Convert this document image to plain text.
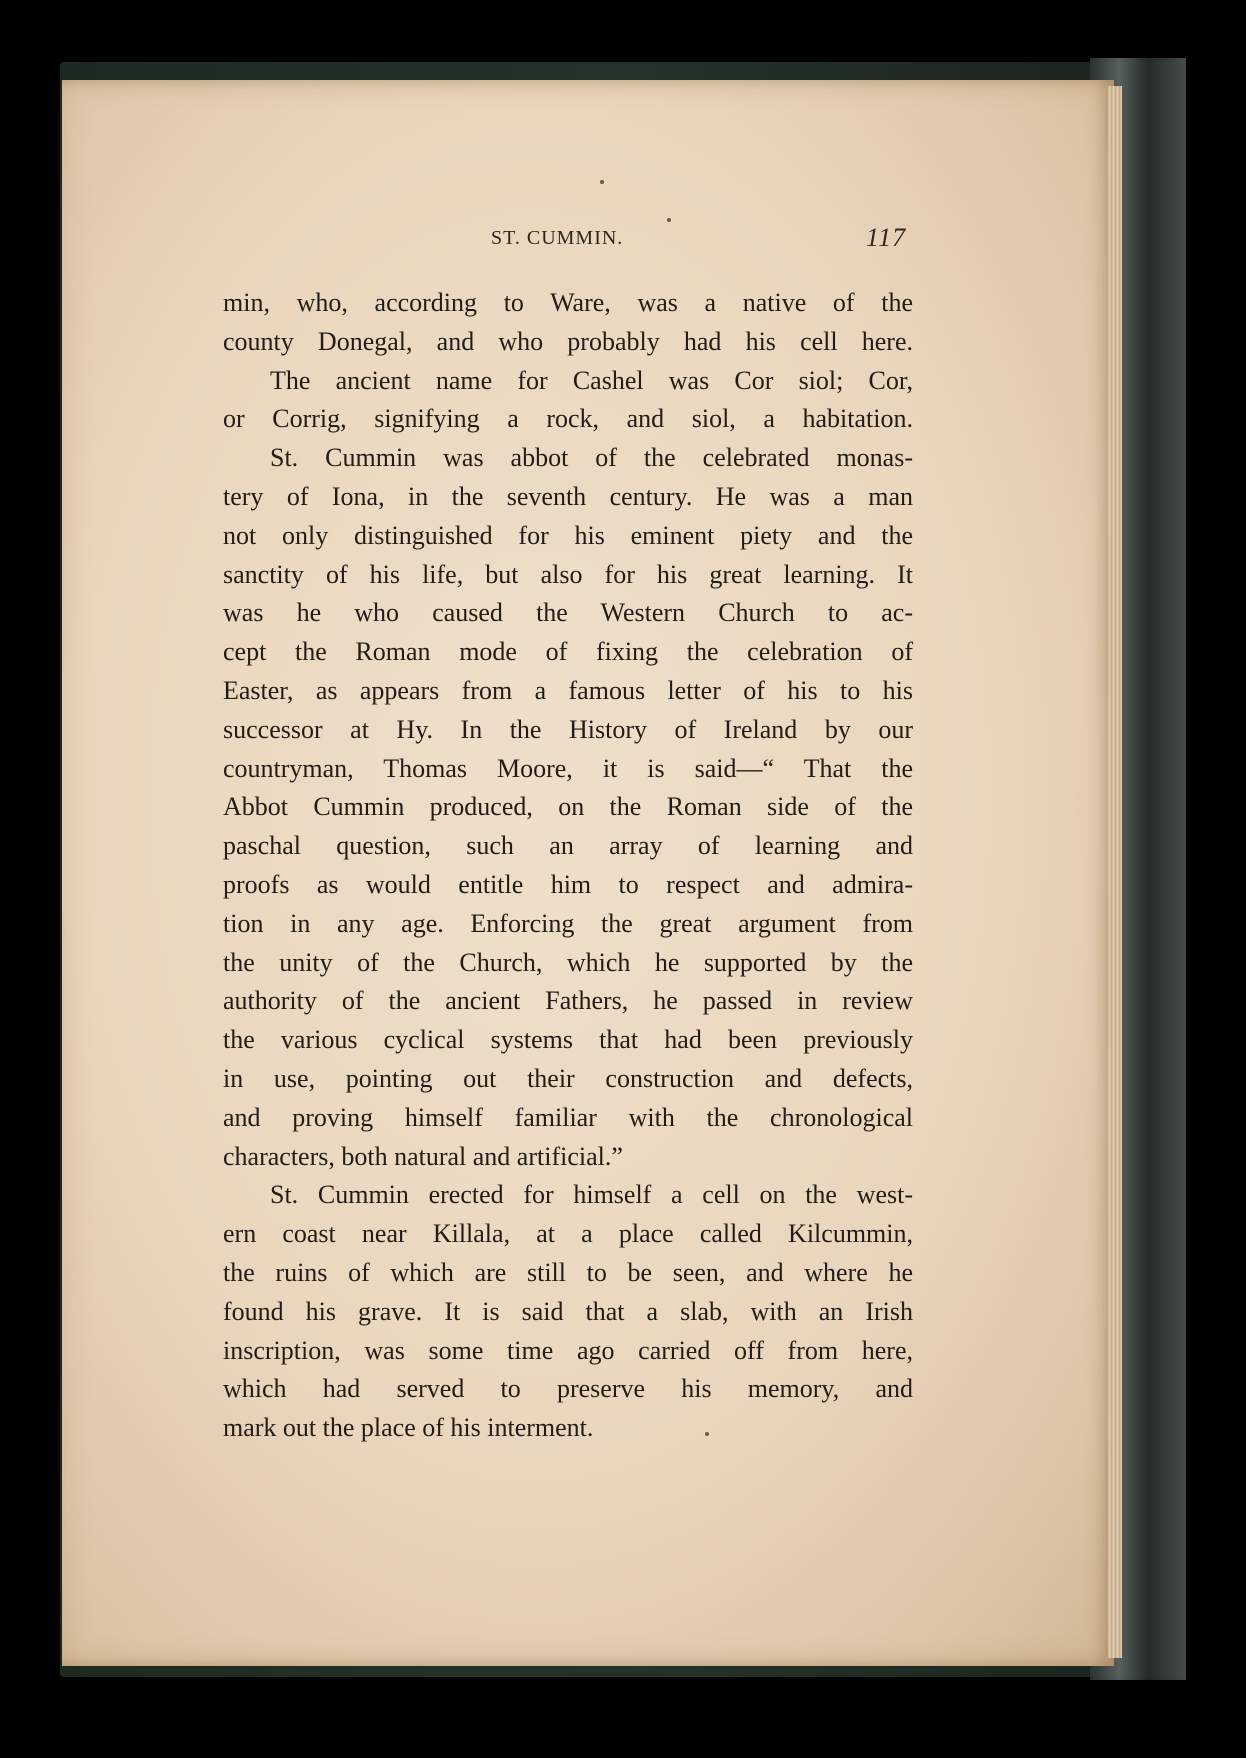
ST. CUMMIN.	117
min, who, according to Ware, was a native of the
county Donegal, and who probably had his cell here.
The ancient name for Cashel was Cor siol; Cor,
or Corrig, signifying a rock, and siol, a habitation.
St. Cummin was abbot of the celebrated monas-
tery of Iona, in the seventh century. He was a man
not only distinguished for his eminent piety and the
sanctity of his life, but also for his great learning. It
was he who caused the Western Church to ac-
cept the Roman mode of fixing the celebration of
Easter, as appears from a famous letter of his to his
successor at Hy. In the History of Ireland by our
countryman, Thomas Moore, it is said—“ That the
Abbot Cummin produced, on the Roman side of the
paschal question, such an array of learning and
proofs as would entitle him to respect and admira-
tion in any age. Enforcing the great argument from
the unity of the Church, which he supported by the
authority of the ancient Fathers, he passed in review
the various cyclical systems that had been previously
in use, pointing out their construction and defects,
and proving himself familiar with the chronological
characters, both natural and artificial.”
St. Cummin erected for himself a cell on the west-
ern coast near Killala, at a place called Kilcummin,
the ruins of which are still to be seen, and where he
found his grave. It is said that a slab, with an Irish
inscription, was some time ago carried off from here,
which had served to preserve his memory, and
mark out the place of his interment.
